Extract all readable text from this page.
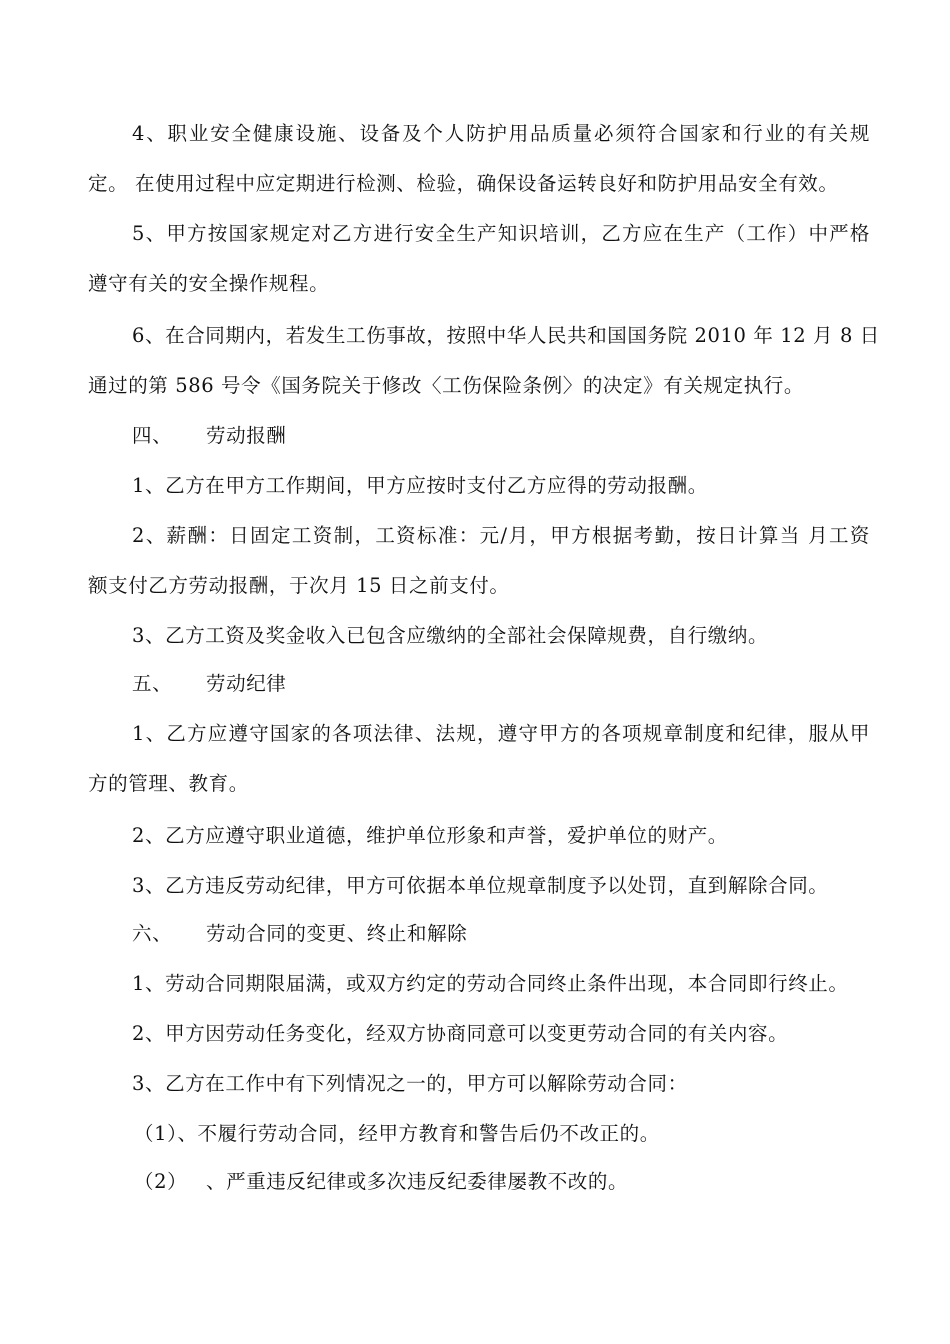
4、职业安全健康设施、设备及个人防护用品质量必须符合国家和行业的有关规
定。 在使用过程中应定期进行检测、检验，确保设备运转良好和防护用品安全有效。
5、甲方按国家规定对乙方进行安全生产知识培训，乙方应在生产（工作）中严格
遵守有关的安全操作规程。
6、在合同期内，若发生工伤事故，按照中华人民共和国国务院 2010 年 12 月 8 日
通过的第 586 号令《国务院关于修改〈工伤保险条例〉的决定》有关规定执行。
四、 劳动报酬
1、乙方在甲方工作期间，甲方应按时支付乙方应得的劳动报酬。
2、薪酬：日固定工资制，工资标准：元/月，甲方根据考勤，按日计算当 月工资
额支付乙方劳动报酬，于次月 15 日之前支付。
3、乙方工资及奖金收入已包含应缴纳的全部社会保障规费，自行缴纳。
五、 劳动纪律
1、乙方应遵守国家的各项法律、法规，遵守甲方的各项规章制度和纪律，服从甲
方的管理、教育。
2、乙方应遵守职业道德，维护单位形象和声誉，爱护单位的财产。
3、乙方违反劳动纪律，甲方可依据本单位规章制度予以处罚，直到解除合同。
六、 劳动合同的变更、终止和解除
1、劳动合同期限届满，或双方约定的劳动合同终止条件出现，本合同即行终止。
2、甲方因劳动任务变化，经双方协商同意可以变更劳动合同的有关内容。
3、乙方在工作中有下列情况之一的，甲方可以解除劳动合同：
（1）、不履行劳动合同，经甲方教育和警告后仍不改正的。
（2） 、严重违反纪律或多次违反纪委律屡教不改的。
